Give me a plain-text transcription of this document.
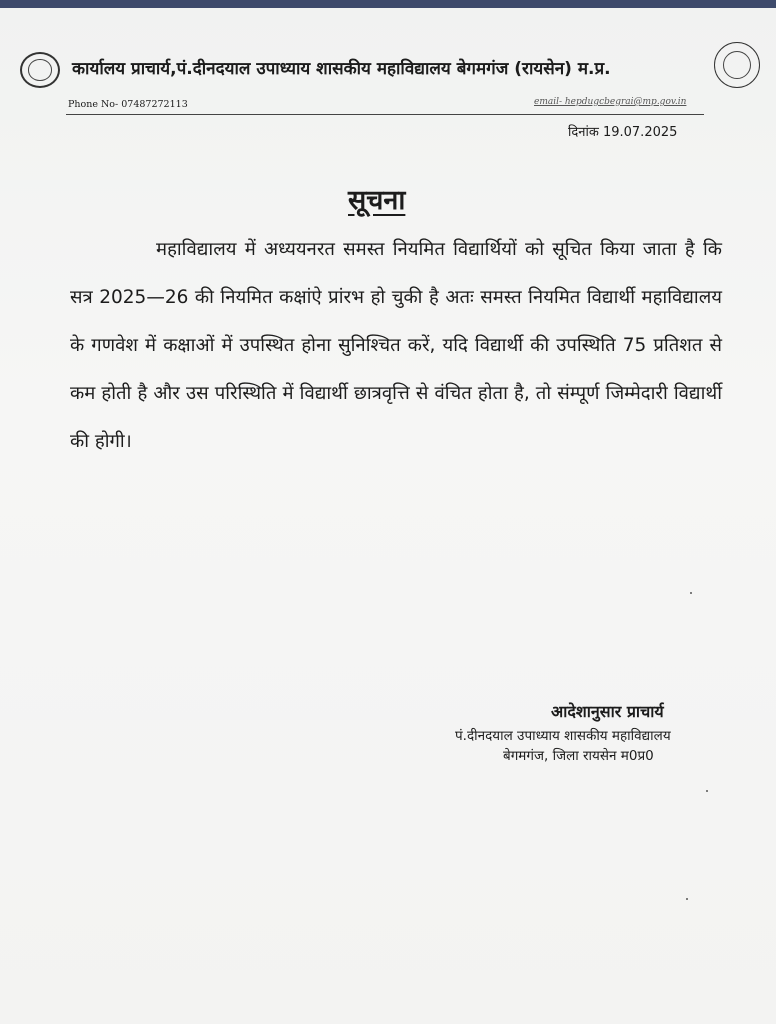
कार्यालय प्राचार्य,पं.दीनदयाल उपाध्याय शासकीय महाविद्यालय बेगमगंज (रायसेन) म.प्र.
Phone No- 07487272113	email- hepdugcbegrai@mp.gov.in
दिनांक 19.07.2025
सूचना
महाविद्यालय में अध्ययनरत समस्त नियमित विद्यार्थियों को सूचित किया जाता है कि सत्र 2025—26 की नियमित कक्षांऐ प्रांरभ हो चुकी है अतः समस्त नियमित विद्यार्थी महाविद्यालय के गणवेश में कक्षाओं में उपस्थित होना सुनिश्चित करें, यदि विद्यार्थी की उपस्थिति 75 प्रतिशत से कम होती है और उस परिस्थिति में विद्यार्थी छात्रवृत्ति से वंचित होता है, तो संम्पूर्ण जिम्मेदारी विद्यार्थी की होगी।
आदेशानुसार प्राचार्य
पं.दीनदयाल उपाध्याय शासकीय महाविद्यालय
बेगमगंज, जिला रायसेन म0प्र0
